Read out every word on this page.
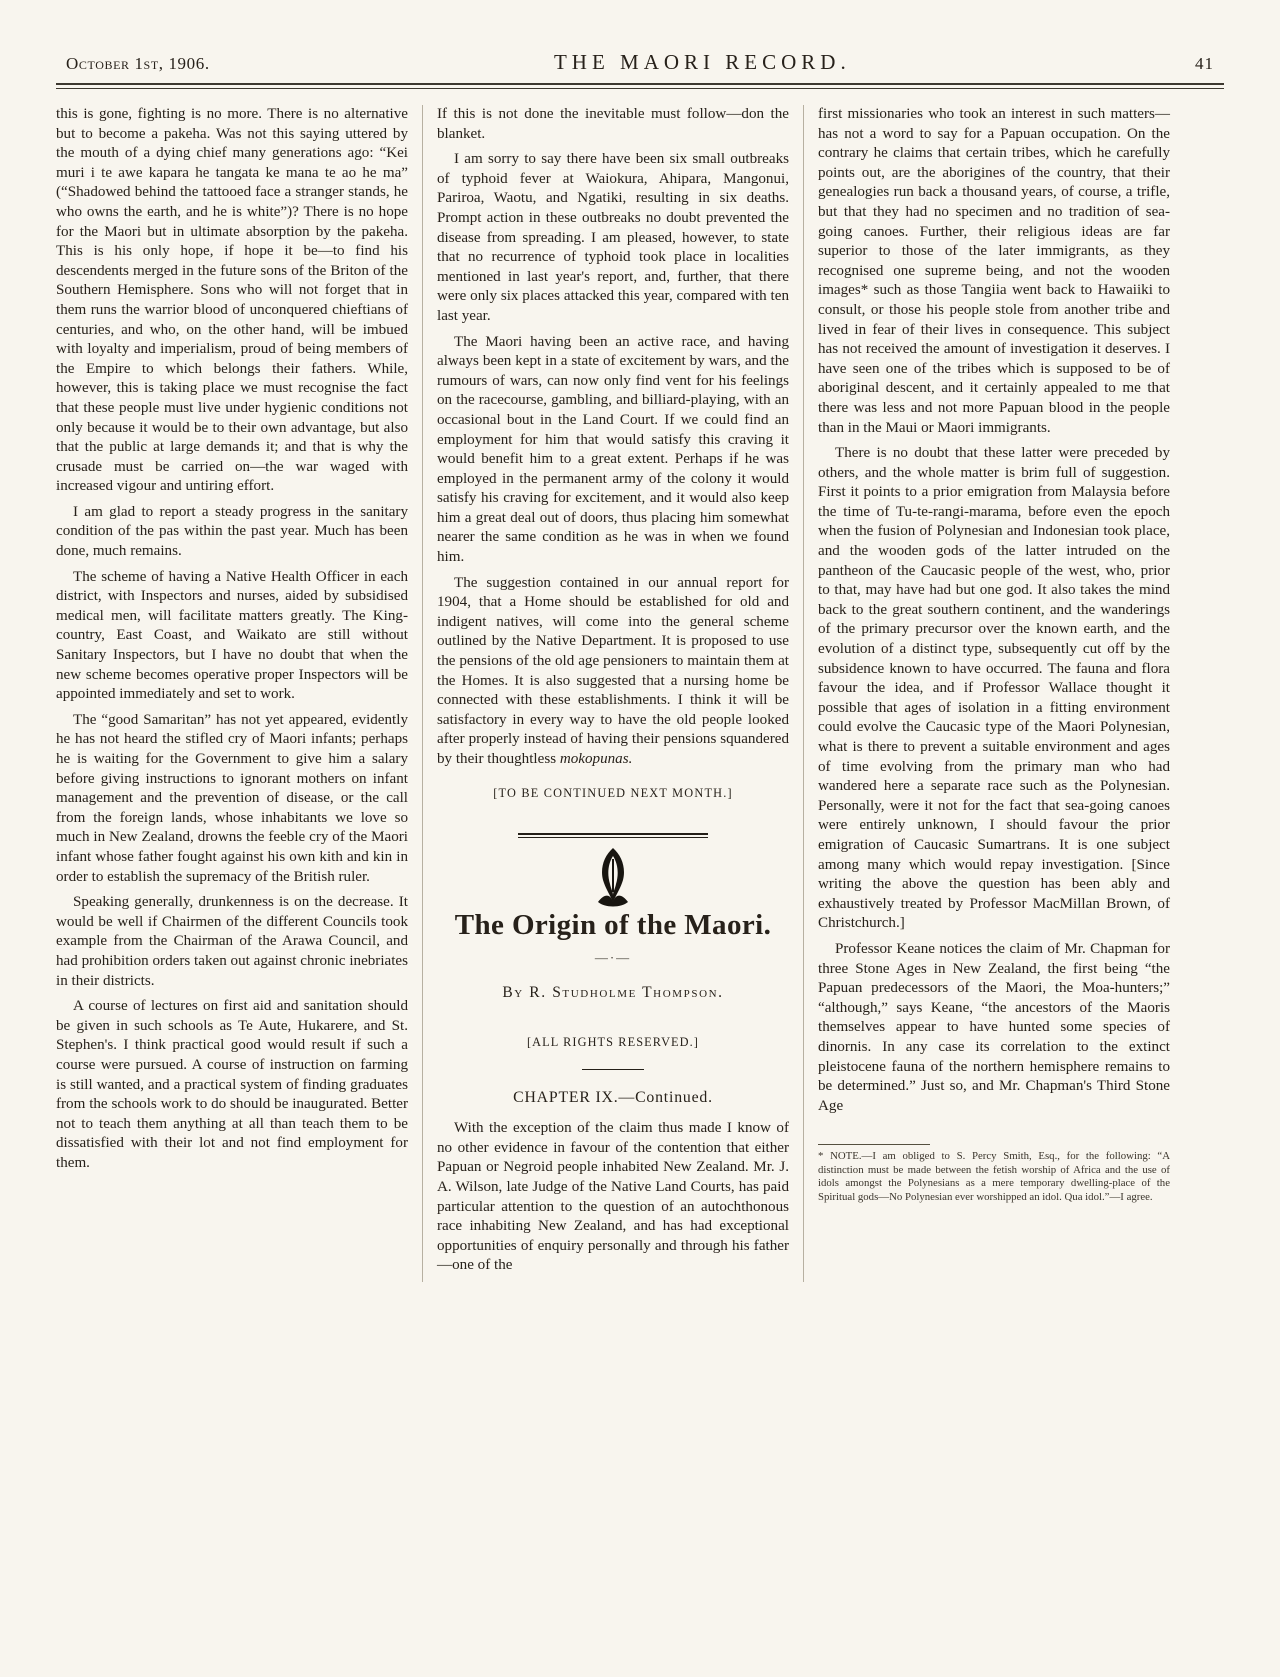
October 1st, 1906.	THE MAORI RECORD.	41

this is gone, fighting is no more. There is no alternative but to become a pakeha. Was not this saying uttered by the mouth of a dying chief many generations ago: “Kei muri i te awe kapara he tangata ke mana te ao he ma” (“Shadowed behind the tattooed face a stranger stands, he who owns the earth, and he is white”)? There is no hope for the Maori but in ultimate absorption by the pakeha. This is his only hope, if hope it be—to find his descendents merged in the future sons of the Briton of the Southern Hemisphere. Sons who will not forget that in them runs the warrior blood of unconquered chieftians of centuries, and who, on the other hand, will be imbued with loyalty and imperialism, proud of being members of the Empire to which belongs their fathers. While, however, this is taking place we must recognise the fact that these people must live under hygienic conditions not only because it would be to their own advantage, but also that the public at large demands it; and that is why the crusade must be carried on—the war waged with increased vigour and untiring effort.

I am glad to report a steady progress in the sanitary condition of the pas within the past year. Much has been done, much remains.

The scheme of having a Native Health Officer in each district, with Inspectors and nurses, aided by subsidised medical men, will facilitate matters greatly. The King-country, East Coast, and Waikato are still without Sanitary Inspectors, but I have no doubt that when the new scheme becomes operative proper Inspectors will be appointed immediately and set to work.

The “good Samaritan” has not yet appeared, evidently he has not heard the stifled cry of Maori infants; perhaps he is waiting for the Government to give him a salary before giving instructions to ignorant mothers on infant management and the prevention of disease, or the call from the foreign lands, whose inhabitants we love so much in New Zealand, drowns the feeble cry of the Maori infant whose father fought against his own kith and kin in order to establish the supremacy of the British ruler.

Speaking generally, drunkenness is on the decrease. It would be well if Chairmen of the different Councils took example from the Chairman of the Arawa Council, and had prohibition orders taken out against chronic inebriates in their districts.

A course of lectures on first aid and sanitation should be given in such schools as Te Aute, Hukarere, and St. Stephen's. I think practical good would result if such a course were pursued. A course of instruction on farming is still wanted, and a practical system of finding graduates from the schools work to do should be inaugurated. Better not to teach them anything at all than teach them to be dissatisfied with their lot and not find employment for them.

If this is not done the inevitable must follow—don the blanket.

I am sorry to say there have been six small outbreaks of typhoid fever at Waiokura, Ahipara, Mangonui, Pariroa, Waotu, and Ngatiki, resulting in six deaths. Prompt action in these outbreaks no doubt prevented the disease from spreading. I am pleased, however, to state that no recurrence of typhoid took place in localities mentioned in last year's report, and, further, that there were only six places attacked this year, compared with ten last year.

The Maori having been an active race, and having always been kept in a state of excitement by wars, and the rumours of wars, can now only find vent for his feelings on the racecourse, gambling, and billiard-playing, with an occasional bout in the Land Court. If we could find an employment for him that would satisfy this craving it would benefit him to a great extent. Perhaps if he was employed in the permanent army of the colony it would satisfy his craving for excitement, and it would also keep him a great deal out of doors, thus placing him somewhat nearer the same condition as he was in when we found him.

The suggestion contained in our annual report for 1904, that a Home should be established for old and indigent natives, will come into the general scheme outlined by the Native Department. It is proposed to use the pensions of the old age pensioners to maintain them at the Homes. It is also suggested that a nursing home be connected with these establishments. I think it will be satisfactory in every way to have the old people looked after properly instead of having their pensions squandered by their thoughtless mokopunas.

[TO BE CONTINUED NEXT MONTH.]
The Origin of the Maori.
—·—
By R. Studholme Thompson.
[ALL RIGHTS RESERVED.]
CHAPTER IX.—Continued.

With the exception of the claim thus made I know of no other evidence in favour of the contention that either Papuan or Negroid people inhabited New Zealand. Mr. J. A. Wilson, late Judge of the Native Land Courts, has paid particular attention to the question of an autochthonous race inhabiting New Zealand, and has had exceptional opportunities of enquiry personally and through his father—one of the

first missionaries who took an interest in such matters—has not a word to say for a Papuan occupation. On the contrary he claims that certain tribes, which he carefully points out, are the aborigines of the country, that their genealogies run back a thousand years, of course, a trifle, but that they had no specimen and no tradition of sea-going canoes. Further, their religious ideas are far superior to those of the later immigrants, as they recognised one supreme being, and not the wooden images* such as those Tangiia went back to Hawaiiki to consult, or those his people stole from another tribe and lived in fear of their lives in consequence. This subject has not received the amount of investigation it deserves. I have seen one of the tribes which is supposed to be of aboriginal descent, and it certainly appealed to me that there was less and not more Papuan blood in the people than in the Maui or Maori immigrants.

There is no doubt that these latter were preceded by others, and the whole matter is brim full of suggestion. First it points to a prior emigration from Malaysia before the time of Tu-te-rangi-marama, before even the epoch when the fusion of Polynesian and Indonesian took place, and the wooden gods of the latter intruded on the pantheon of the Caucasic people of the west, who, prior to that, may have had but one god. It also takes the mind back to the great southern continent, and the wanderings of the primary precursor over the known earth, and the evolution of a distinct type, subsequently cut off by the subsidence known to have occurred. The fauna and flora favour the idea, and if Professor Wallace thought it possible that ages of isolation in a fitting environment could evolve the Caucasic type of the Maori Polynesian, what is there to prevent a suitable environment and ages of time evolving from the primary man who had wandered here a separate race such as the Polynesian. Personally, were it not for the fact that sea-going canoes were entirely unknown, I should favour the prior emigration of Caucasic Sumartrans. It is one subject among many which would repay investigation. [Since writing the above the question has been ably and exhaustively treated by Professor MacMillan Brown, of Christchurch.]

Professor Keane notices the claim of Mr. Chapman for three Stone Ages in New Zealand, the first being “the Papuan predecessors of the Maori, the Moa-hunters;” “although,” says Keane, “the ancestors of the Maoris themselves appear to have hunted some species of dinornis. In any case its correlation to the extinct pleistocene fauna of the northern hemisphere remains to be determined.” Just so, and Mr. Chapman's Third Stone Age

* NOTE.—I am obliged to S. Percy Smith, Esq., for the following: “A distinction must be made between the fetish worship of Africa and the use of idols amongst the Polynesians as a mere temporary dwelling-place of the Spiritual gods—No Polynesian ever worshipped an idol. Qua idol.”—I agree.
